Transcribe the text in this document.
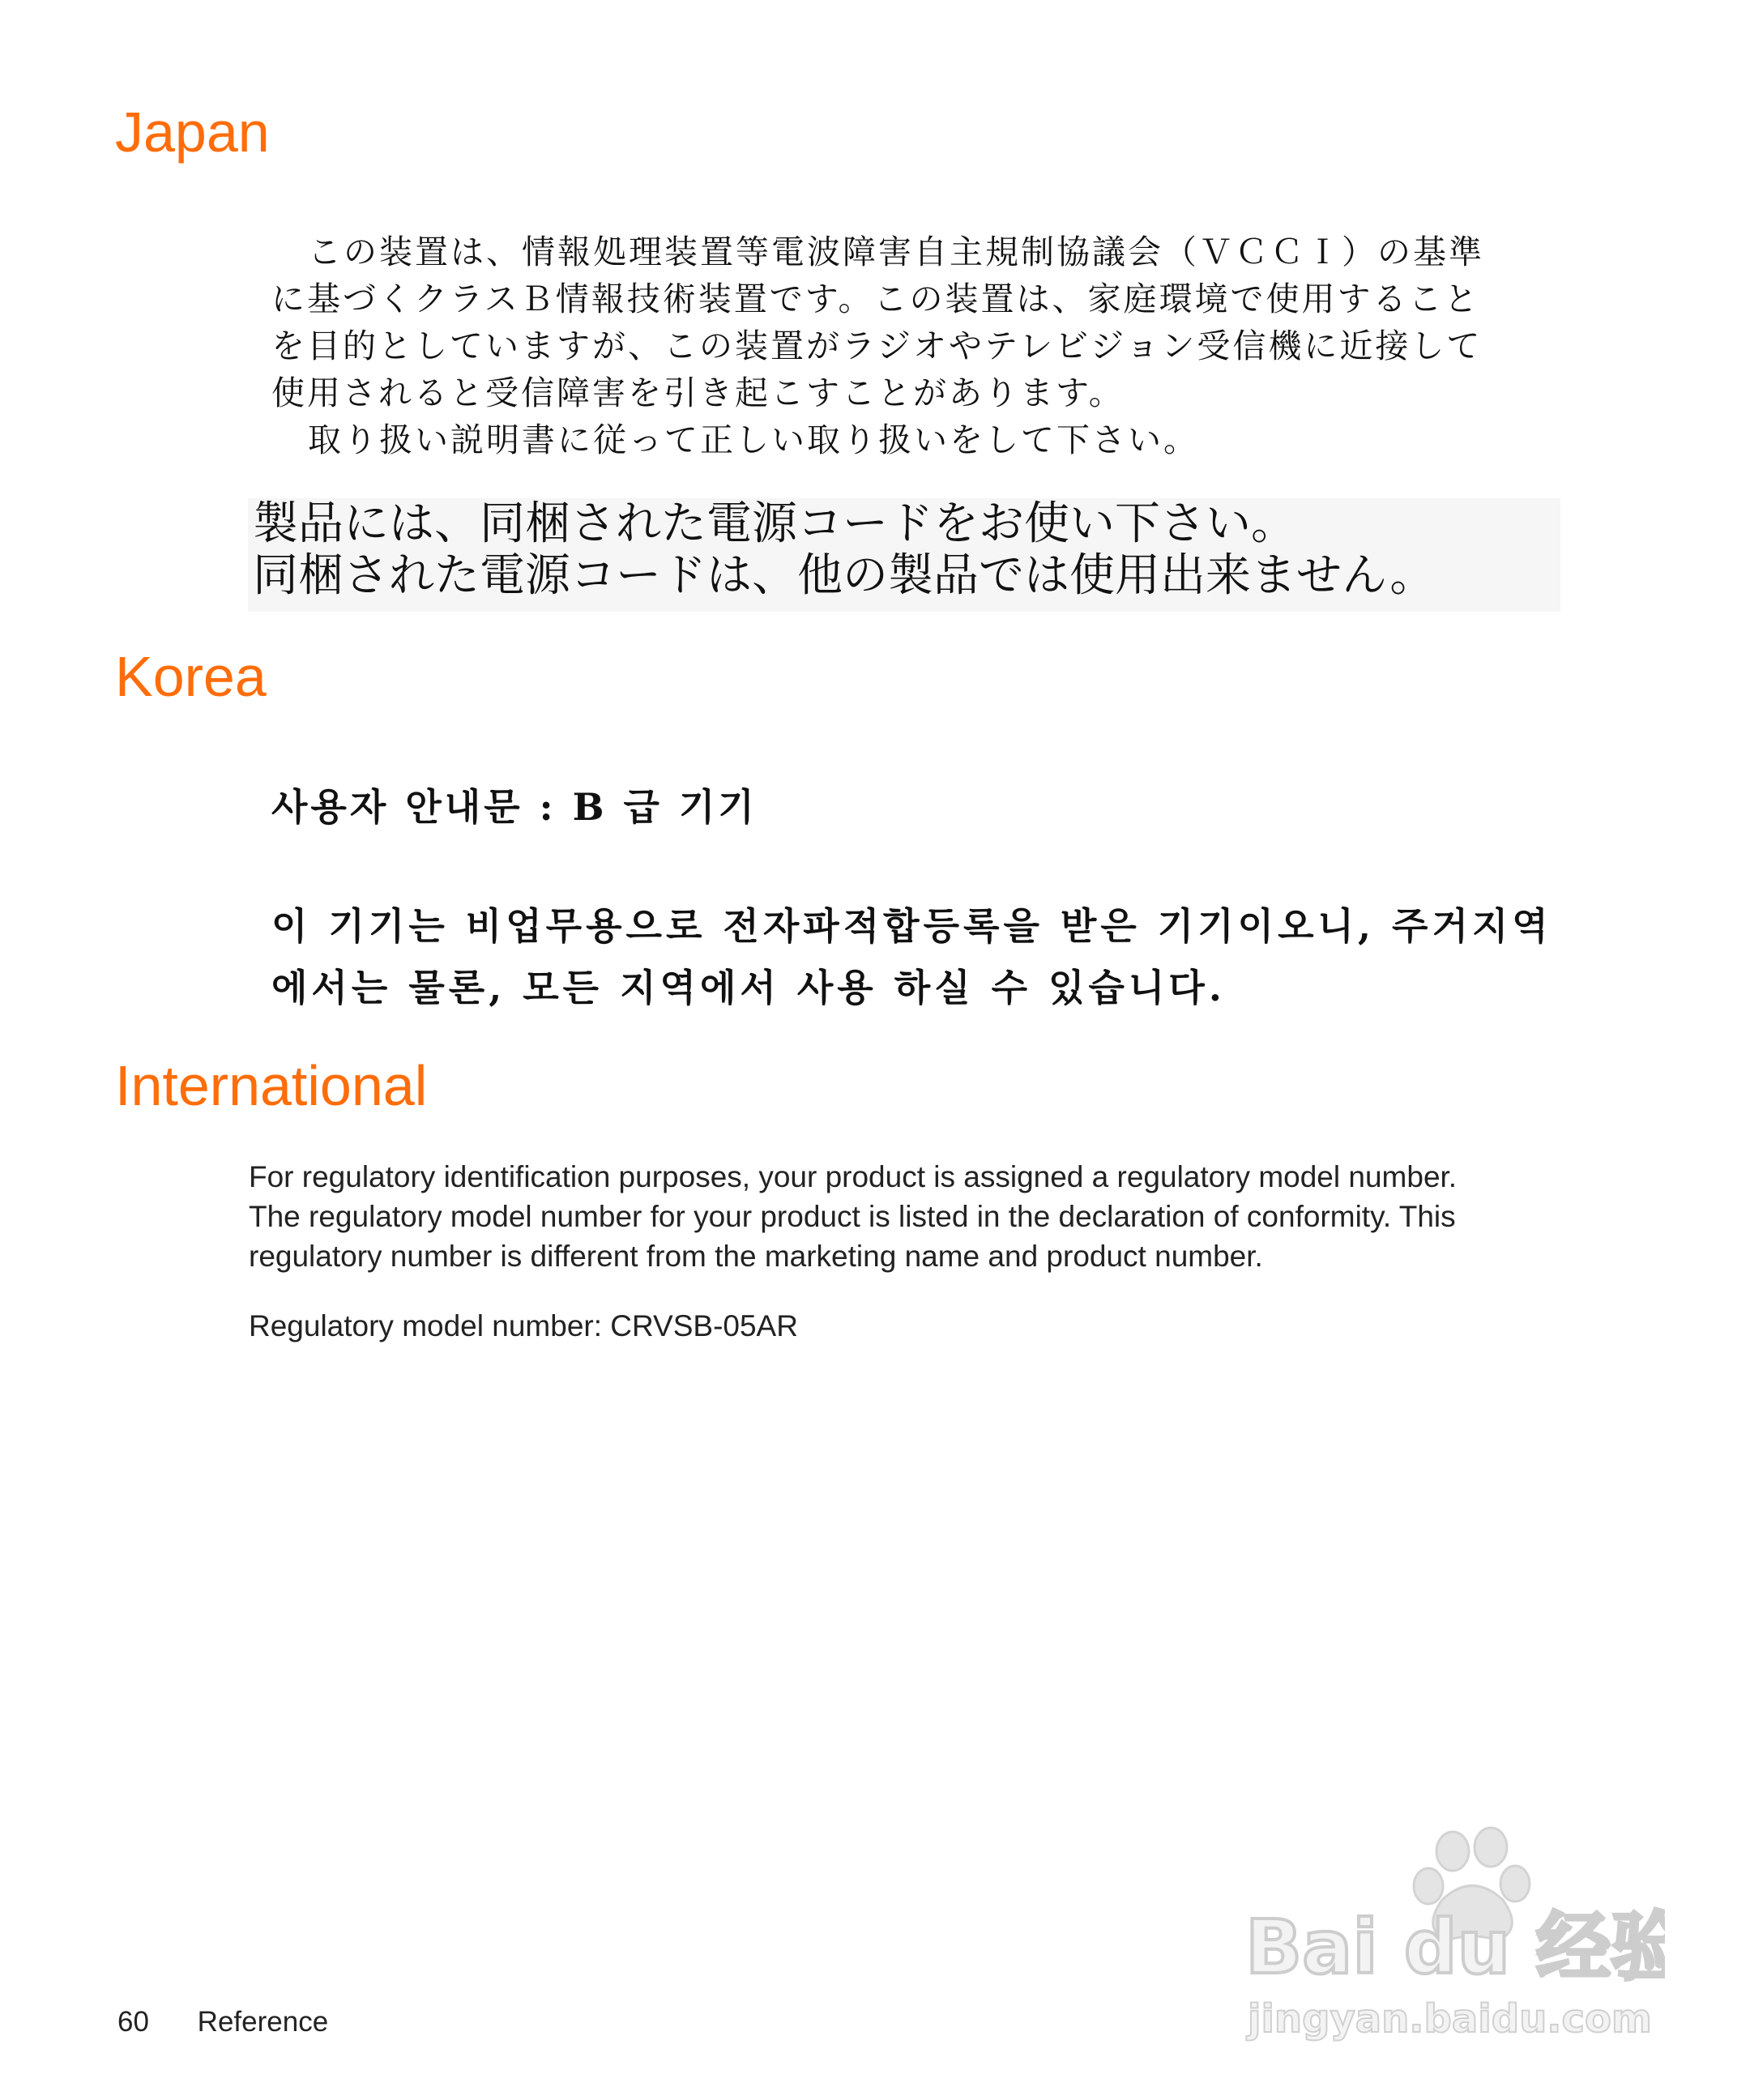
Japan

この装置は、情報処理装置等電波障害自主規制協議会（ＶＣＣＩ）の基準

に基づくクラスＢ情報技術装置です。この装置は、家庭環境で使用すること

を目的としていますが、この装置がラジオやテレビジョン受信機に近接して

使用されると受信障害を引き起こすことがあります。

取り扱い説明書に従って正しい取り扱いをして下さい。

製品には、同梱された電源コードをお使い下さい。

同梱された電源コードは、他の製品では使用出来ません。

Korea

사용자 안내문 : B 급 기기

이 기기는 비업무용으로 전자파적합등록을 받은 기기이오니, 주거지역

에서는 물론, 모든 지역에서 사용 하실 수 있습니다.

International

For regulatory identification purposes, your product is assigned a regulatory model number.

The regulatory model number for your product is listed in the declaration of conformity. This

regulatory number is different from the marketing name and product number.

Regulatory model number: CRVSB-05AR

60 Reference
Bai du 经验
jingyan.baidu.com
